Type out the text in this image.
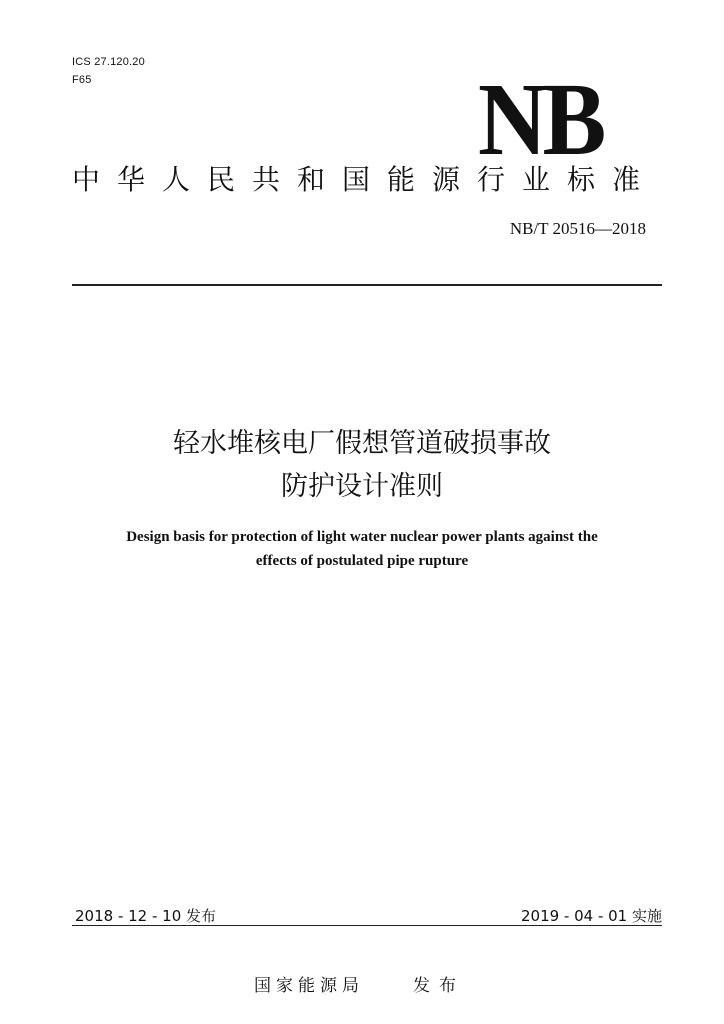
ICS 27.120.20
F65	NB
中华人民共和国能源行业标准
NB/T 20516—2018
轻水堆核电厂假想管道破损事故
防护设计准则
Design basis for protection of light water nuclear power plants against the
effects of postulated pipe rupture
2018 - 12 - 10 发布	2019 - 04 - 01 实施
国家能源局	发布
